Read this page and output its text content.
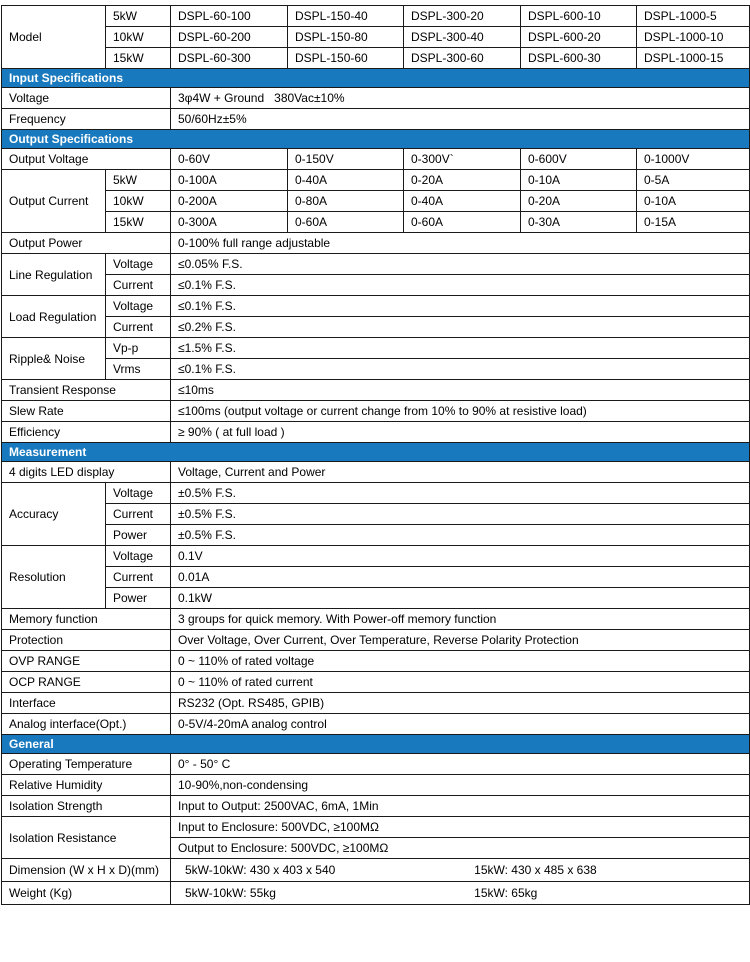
Model	5kW	DSPL-60-100	DSPL-150-40	DSPL-300-20	DSPL-600-10	DSPL-1000-5
	10kW	DSPL-60-200	DSPL-150-80	DSPL-300-40	DSPL-600-20	DSPL-1000-10
	15kW	DSPL-60-300	DSPL-150-60	DSPL-300-60	DSPL-600-30	DSPL-1000-15
Input Specifications						
Voltage		3φ4W + Ground   380Vac±10%				
Frequency		50/60Hz±5%				
Output Specifications						
Output Voltage		0-60V	0-150V	0-300V`	0-600V	0-1000V
Output Current	5kW	0-100A	0-40A	0-20A	0-10A	0-5A
	10kW	0-200A	0-80A	0-40A	0-20A	0-10A
	15kW	0-300A	0-60A	0-60A	0-30A	0-15A
Output Power		0-100% full range adjustable				
Line Regulation	Voltage	≤0.05% F.S.				
	Current	≤0.1% F.S.				
Load Regulation	Voltage	≤0.1% F.S.				
	Current	≤0.2% F.S.				
Ripple& Noise	Vp-p	≤1.5% F.S.				
	Vrms	≤0.1% F.S.				
Transient Response		≤10ms				
Slew Rate		≤100ms (output voltage or current change from 10% to 90% at resistive load)				
Efficiency		≥ 90% ( at full load )				
Measurement						
4 digits LED display		Voltage, Current and Power				
Accuracy	Voltage	±0.5% F.S.				
	Current	±0.5% F.S.				
	Power	±0.5% F.S.				
Resolution	Voltage	0.1V				
	Current	0.01A				
	Power	0.1kW				
Memory function		3 groups for quick memory. With Power-off memory function				
Protection		Over Voltage, Over Current, Over Temperature, Reverse Polarity Protection				
OVP RANGE		0 ~ 110% of rated voltage				
OCP RANGE		0 ~ 110% of rated current				
Interface		RS232 (Opt. RS485, GPIB)				
Analog interface(Opt.)		0-5V/4-20mA analog control				
General						
Operating Temperature		0° - 50° C				
Relative Humidity		10-90%,non-condensing				
Isolation Strength		Input to Output: 2500VAC, 6mA, 1Min				
Isolation Resistance		Input to Enclosure: 500VDC, ≥100MΩ				
		Output to Enclosure: 500VDC, ≥100MΩ				
Dimension (W x H x D)(mm)		5kW-10kW: 430 x 403 x 540 15kW: 430 x 485 x 638				
Weight (Kg)		5kW-10kW: 55kg 15kW: 65kg				
